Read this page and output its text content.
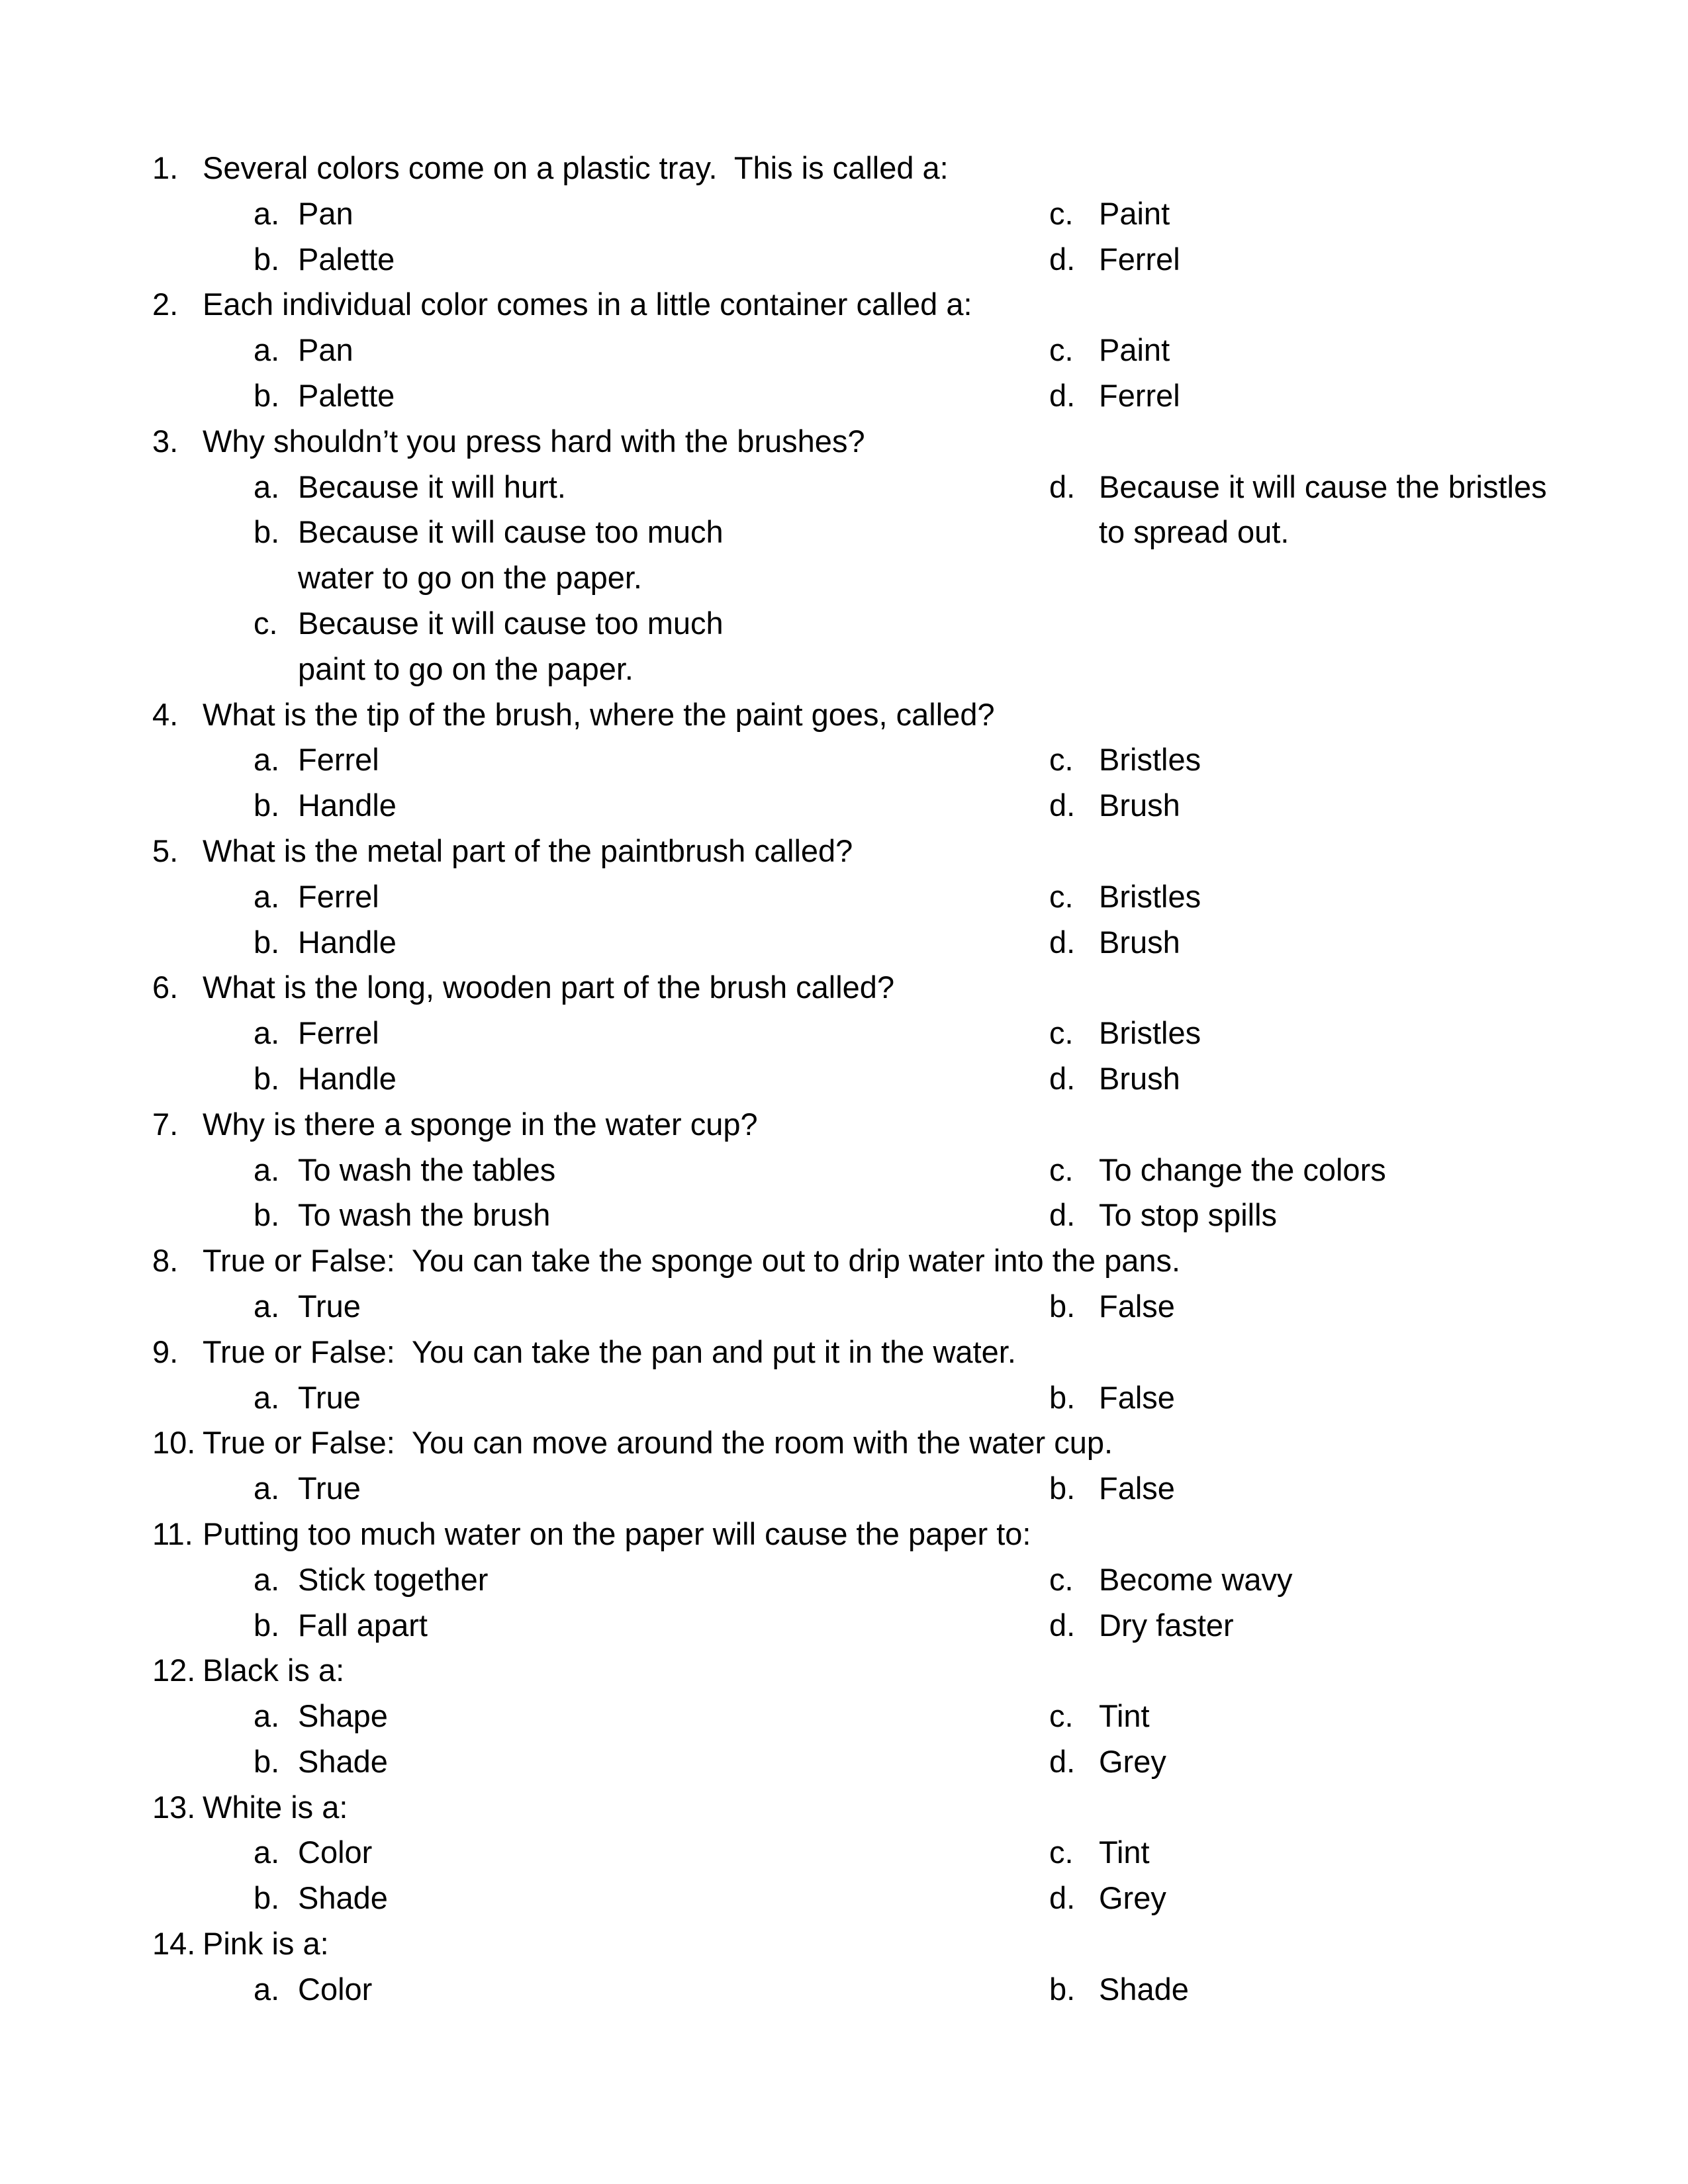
1. Several colors come on a plastic tray.  This is called a:
a. Pan	c. Paint
b. Palette	d. Ferrel
2. Each individual color comes in a little container called a:
a. Pan	c. Paint
b. Palette	d. Ferrel
3. Why shouldn’t you press hard with the brushes?
a. Because it will hurt.	d. Because it will cause the bristles
b. Because it will cause too much	to spread out.
water to go on the paper.
c. Because it will cause too much
paint to go on the paper.
4. What is the tip of the brush, where the paint goes, called?
a. Ferrel	c. Bristles
b. Handle	d. Brush
5. What is the metal part of the paintbrush called?
a. Ferrel	c. Bristles
b. Handle	d. Brush
6. What is the long, wooden part of the brush called?
a. Ferrel	c. Bristles
b. Handle	d. Brush
7. Why is there a sponge in the water cup?
a. To wash the tables	c. To change the colors
b. To wash the brush	d. To stop spills
8. True or False:  You can take the sponge out to drip water into the pans.
a. True	b. False
9. True or False:  You can take the pan and put it in the water.
a. True	b. False
10. True or False:  You can move around the room with the water cup.
a. True	b. False
11. Putting too much water on the paper will cause the paper to:
a. Stick together	c. Become wavy
b. Fall apart	d. Dry faster
12. Black is a:
a. Shape	c. Tint
b. Shade	d. Grey
13. White is a:
a. Color	c. Tint
b. Shade	d. Grey
14. Pink is a:
a. Color	b. Shade
